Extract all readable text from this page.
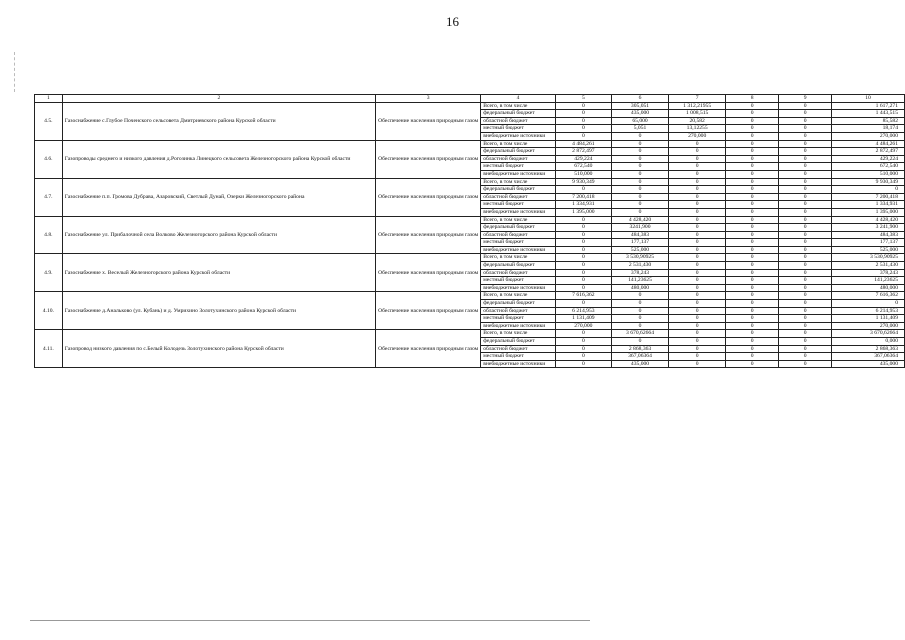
16
1	2	3	4	5	6	7	8	9	10
4.5.	Газоснабжение с.Глубое Поченского сельсовета Дмитриевского района Курской области	Обеспечение населения природным газом	Всего, в том числе	0	305,051	1 312,21955	0	0	1 617,271
			федеральный бюджет	0	435,000	1 008,515	0	0	1 443,515
			областной бюджет	0	65,000	20,582	0	0	85,582
			местный бюджет	0	5,051	13,12255	0	0	18,174
			внебюджетные источники	0	0	270,000	0	0	270,000
4.6.	Газопроводы среднего и низкого давления д.Рогозинка Линецкого сельсовета Железногорского района Курской области	Обеспечение населения природным газом	Всего, в том числе	4 484,261	0	0	0	0	4 484,261
			федеральный бюджет	2 872,497	0	0	0	0	2 872,497
			областной бюджет	429,224	0	0	0	0	429,224
			местный бюджет	672,540	0	0	0	0	672,540
			внебюджетные источники	510,000	0	0	0	0	510,000
4.7.	Газоснабжение п.п. Громова Дубрава, Азаровский, Светлый Дунай, Озерки Железногорского района	Обеспечение населения природным газом	Всего, в том числе	9 930,349	0	0	0	0	9 930,349
			федеральный бюджет	0	0	0	0	0	0
			областной бюджет	7 200,418	0	0	0	0	7 200,418
			местный бюджет	1 334,931	0	0	0	0	1 334,931
			внебюджетные источники	1 395,000	0	0	0	0	1 395,000
4.8.	Газоснабжение ул. Прибалочной села Волково Железногорского района Курской области	Обеспечение населения природным газом	Всего, в том числе	0	4 428,420	0	0	0	4 428,420
			федеральный бюджет	0	3241,900	0	0	0	3 241,900
			областной бюджет	0	484,383	0	0	0	484,383
			местный бюджет	0	177,137	0	0	0	177,137
			внебюджетные источники	0	525,000	0	0	0	525,000
4.9.	Газоснабжение х. Веселый Железногорского района Курской области	Обеспечение населения природным газом	Всего, в том числе	0	3 530,90925	0	0	0	3 530,90925
			федеральный бюджет	0	2 531,430	0	0	0	2 531,430
			областной бюджет	0	378,243	0	0	0	378,243
			местный бюджет	0	141,23625	0	0	0	141,23625
			внебюджетные источники	0	480,000	0	0	0	480,000
4.10.	Газоснабжение д.Анальково (ул. Кубань) и д. Умрихино Золотухинского района Курской области	Обеспечение населения природным газом	Всего, в том числе	7 616,362	0	0	0	0	7 616,362
			федеральный бюджет	0	0	0	0	0	0
			областной бюджет	6 214,953	0	0	0	0	6 214,953
			местный бюджет	1 131,409	0	0	0	0	1 131,409
			внебюджетные источники	270,000	0	0	0	0	270,000
4.11.	Газопровод низкого давления по с.Белый Колодезь Золотухинского района Курской области	Обеспечение населения природным газом	Всего, в том числе	0	3 670,62664	0	0	0	3 670,62664
			федеральный бюджет	0	0	0	0	0	0,000
			областной бюджет	0	2 868,363	0	0	0	2 868,363
			местный бюджет	0	367,06364	0	0	0	367,06364
			внебюджетные источники	0	435,000	0	0	0	435,000
